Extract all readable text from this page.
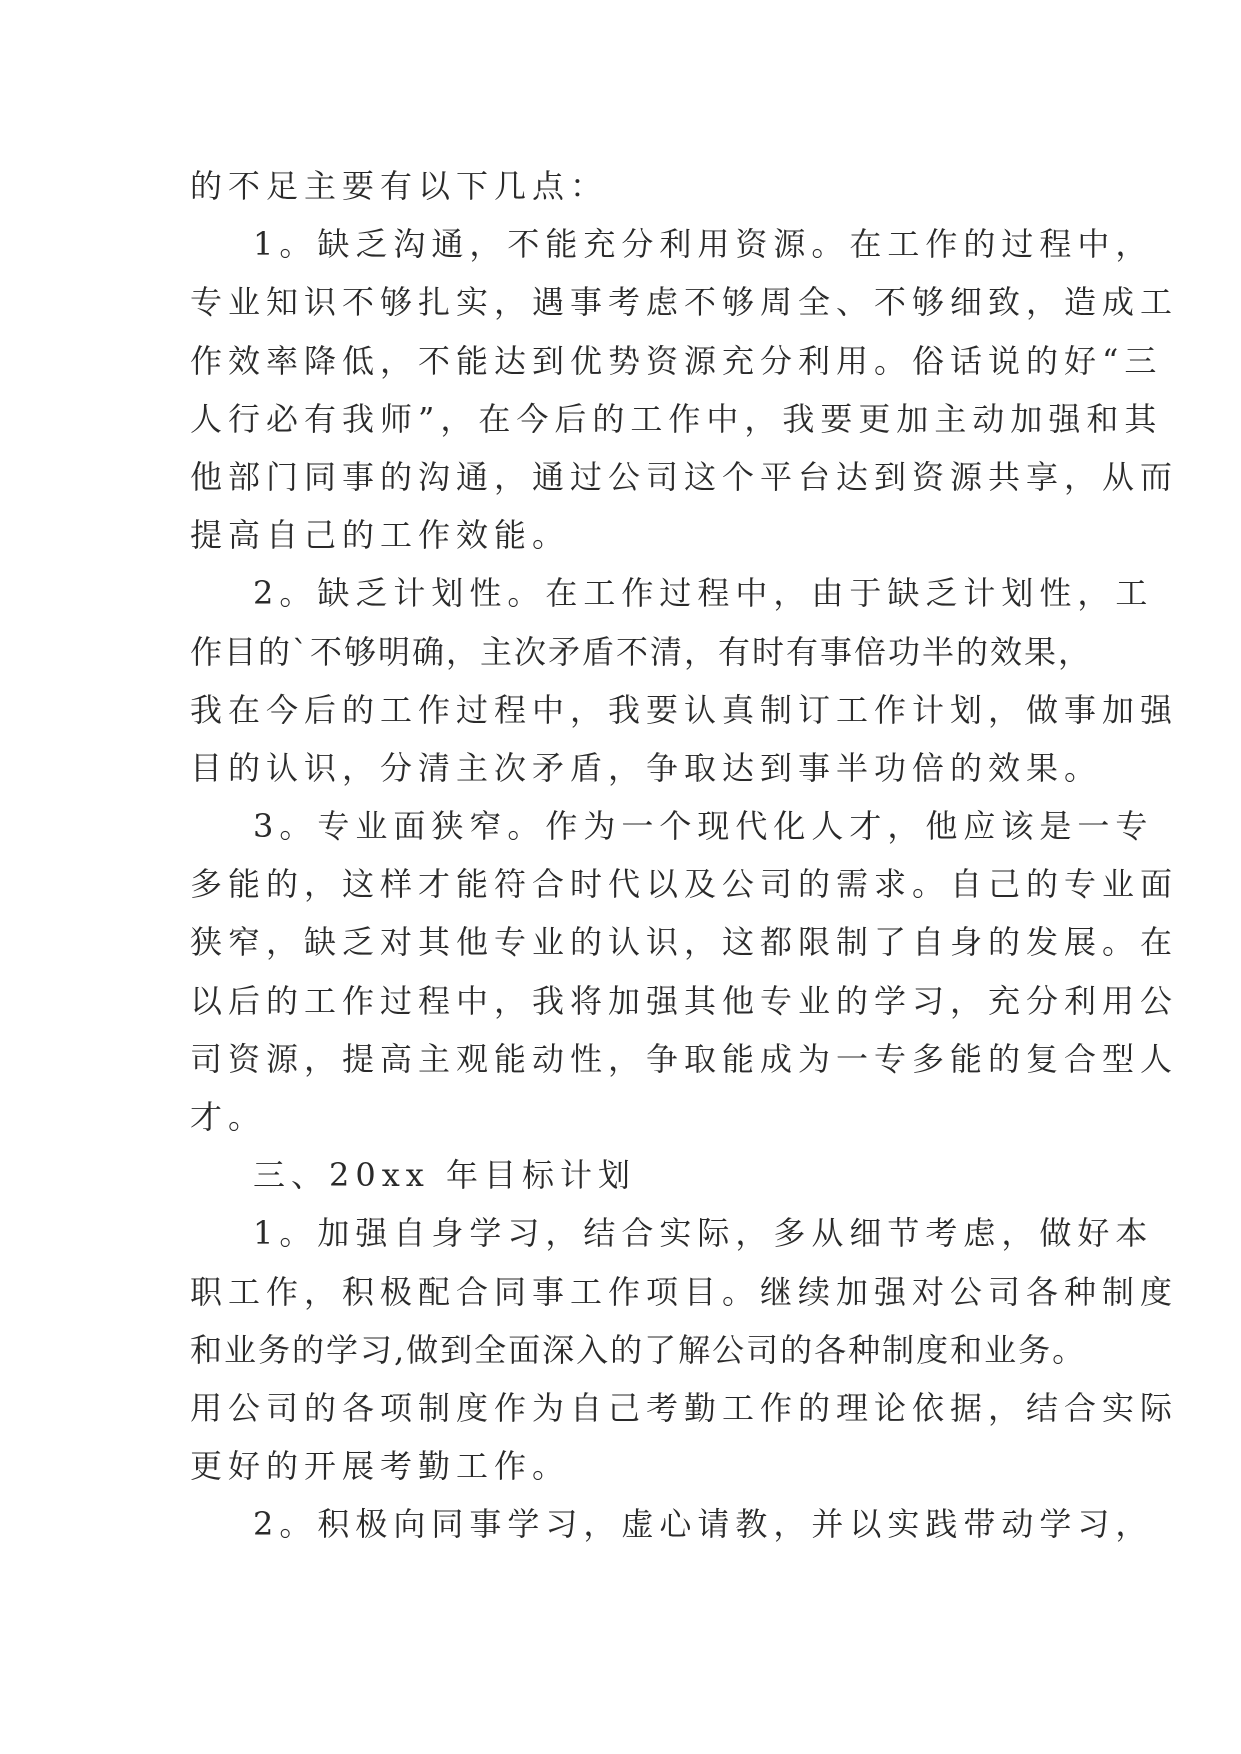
的不足主要有以下几点：
1。缺乏沟通，不能充分利用资源。在工作的过程中，
专业知识不够扎实，遇事考虑不够周全、不够细致，造成工
作效率降低，不能达到优势资源充分利用。俗话说的好“三
人行必有我师”，在今后的工作中，我要更加主动加强和其
他部门同事的沟通，通过公司这个平台达到资源共享，从而
提高自己的工作效能。
2。缺乏计划性。在工作过程中，由于缺乏计划性，工
作目的`不够明确，主次矛盾不清，有时有事倍功半的效果，
我在今后的工作过程中，我要认真制订工作计划，做事加强
目的认识，分清主次矛盾，争取达到事半功倍的效果。
3。专业面狭窄。作为一个现代化人才，他应该是一专
多能的，这样才能符合时代以及公司的需求。自己的专业面
狭窄，缺乏对其他专业的认识，这都限制了自身的发展。在
以后的工作过程中，我将加强其他专业的学习，充分利用公
司资源，提高主观能动性，争取能成为一专多能的复合型人
才。
三、20xx 年目标计划
1。加强自身学习，结合实际，多从细节考虑，做好本
职工作，积极配合同事工作项目。继续加强对公司各种制度
和业务的学习,做到全面深入的了解公司的各种制度和业务。
用公司的各项制度作为自己考勤工作的理论依据，结合实际
更好的开展考勤工作。
2。积极向同事学习，虚心请教，并以实践带动学习，
